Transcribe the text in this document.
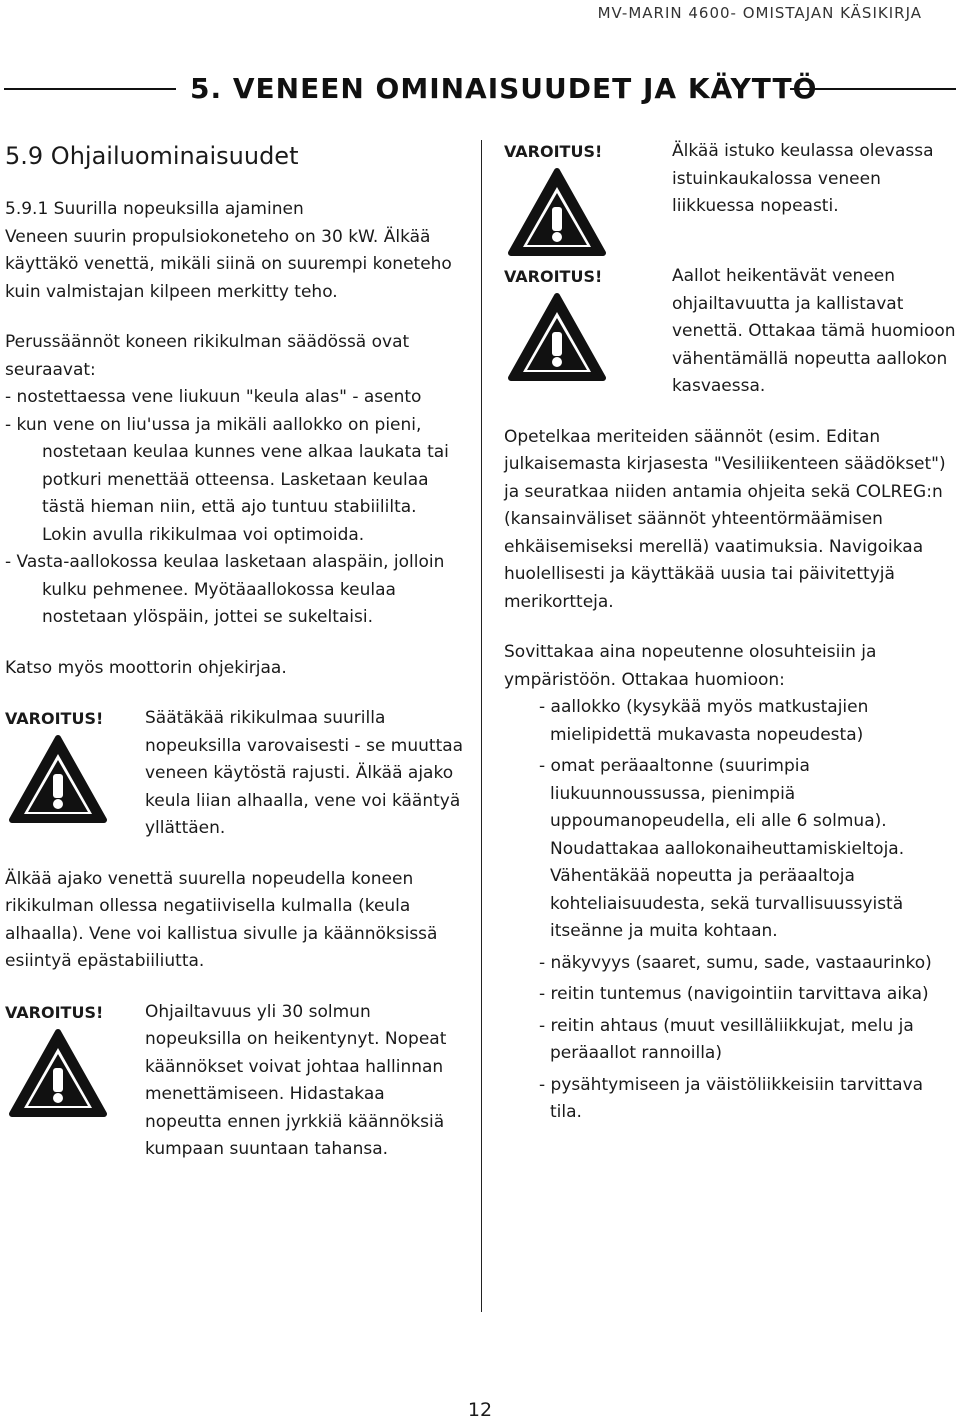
MV-MARIN 4600- OMISTAJAN KÄSIKIRJA
5. VENEEN OMINAISUUDET JA KÄYTTÖ

5.9 Ohjailuominaisuudet

5.9.1 Suurilla nopeuksilla ajaminen

Veneen suurin propulsiokoneteho on 30 kW. Älkää käyttäkö venettä, mikäli siinä on suurempi koneteho kuin valmistajan kilpeen merkitty teho.

Perussäännöt koneen rikikulman säädössä ovat seuraavat:

- nostettaessa vene liukuun "keula alas" - asento

- kun vene on liu'ussa ja mikäli aallokko on pieni, nostetaan keulaa kunnes vene alkaa laukata tai potkuri menettää otteensa. Lasketaan keulaa tästä hieman niin, että ajo tuntuu stabiililta. Lokin avulla rikikulmaa voi optimoida.

- Vasta-aallokossa keulaa lasketaan alaspäin, jolloin kulku pehmenee. Myötäaallokossa keulaa nostetaan ylöspäin, jottei se sukeltaisi.

Katso myös moottorin ohjekirjaa.

VAROITUS!	Säätäkää rikikulmaa suurilla nopeuksilla varovaisesti - se muuttaa veneen käytöstä rajusti. Älkää ajako keula liian alhaalla, vene voi kääntyä yllättäen.

Älkää ajako venettä suurella nopeudella koneen rikikulman ollessa negatiivisella kulmalla (keula alhaalla). Vene voi kallistua sivulle ja käännöksissä esiintyä epästabiiliutta.

VAROITUS!	Ohjailtavuus yli 30 solmun nopeuksilla on heikentynyt. Nopeat käännökset voivat johtaa hallinnan menettämiseen. Hidastakaa nopeutta ennen jyrkkiä käännöksiä kumpaan suuntaan tahansa.

VAROITUS!	Älkää istuko keulassa olevassa istuinkaukalossa veneen liikkuessa nopeasti.

VAROITUS!	Aallot heikentävät veneen ohjailtavuutta ja kallistavat venettä. Ottakaa tämä huomioon vähentämällä nopeutta aallokon kasvaessa.

Opetelkaa meriteiden säännöt (esim. Editan julkaisemasta kirjasesta "Vesiliikenteen säädökset") ja seuratkaa niiden antamia ohjeita sekä COLREG:n (kansainväliset säännöt yhteentörmäämisen ehkäisemiseksi merellä) vaatimuksia. Navigoikaa huolellisesti ja käyttäkää uusia tai päivitettyjä merikortteja.

Sovittakaa aina nopeutenne olosuhteisiin ja ympäristöön. Ottakaa huomioon:

- aallokko (kysykää myös matkustajien mielipidettä mukavasta nopeudesta)

- omat peräaaltonne (suurimpia liukuunnoussussa, pienimpiä uppoumanopeudella, eli alle 6 solmua). Noudattakaa aallokonaiheuttamiskieltoja. Vähentäkää nopeutta ja peräaaltoja kohteliaisuudesta, sekä turvallisuussyistä itseänne ja muita kohtaan.

- näkyvyys (saaret, sumu, sade, vastaaurinko)

- reitin tuntemus (navigointiin tarvittava aika)

- reitin ahtaus (muut vesilläliikkujat, melu ja peräaallot rannoilla)

- pysähtymiseen ja väistöliikkeisiin tarvittava tila.

12
